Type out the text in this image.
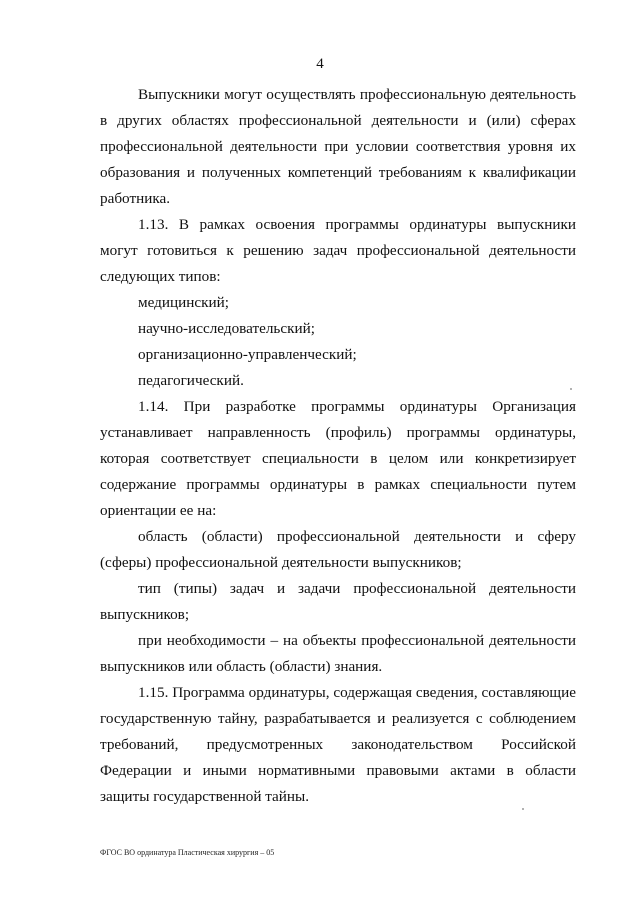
4

Выпускники могут осуществлять профессиональную деятельность в других областях профессиональной деятельности и (или) сферах профессиональной деятельности при условии соответствия уровня их образования и полученных компетенций требованиям к квалификации работника.

1.13. В рамках освоения программы ординатуры выпускники могут готовиться к решению задач профессиональной деятельности следующих типов:

медицинский;

научно-исследовательский;

организационно-управленческий;

педагогический.

1.14. При разработке программы ординатуры Организация устанавливает направленность (профиль) программы ординатуры, которая соответствует специальности в целом или конкретизирует содержание программы ординатуры в рамках специальности путем ориентации ее на:

область (области) профессиональной деятельности и сферу (сферы) профессиональной деятельности выпускников;

тип (типы) задач и задачи профессиональной деятельности выпускников;

при необходимости – на объекты профессиональной деятельности выпускников или область (области) знания.

1.15. Программа ординатуры, содержащая сведения, составляющие государственную тайну, разрабатывается и реализуется с соблюдением требований, предусмотренных законодательством Российской Федерации и иными нормативными правовыми актами в области защиты государственной тайны.

ФГОС ВО ординатура Пластическая хирургия – 05
